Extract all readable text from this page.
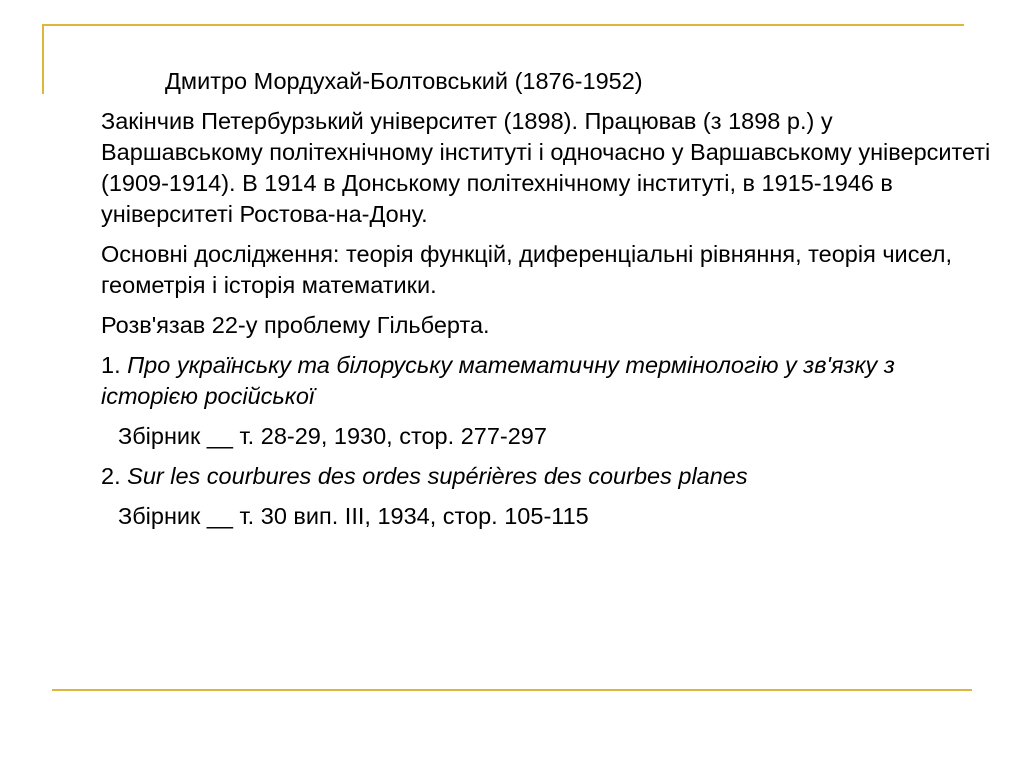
Дмитро Мордухай-Болтовський (1876-1952)

Закінчив Петербурзький університет (1898). Працював (з 1898 р.) у Варшавському політехнічному інституті і одночасно у Варшавському університеті (1909-1914). В 1914 в Донському політехнічному інституті, в 1915-1946 в університеті Ростова-на-Дону.

Основні дослідження: теорія функцій, диференціальні рівняння, теорія чисел, геометрія і історія математики.

Розв'язав 22-у проблему Гільберта.

1. Про українську та білоруську математичну термінологію у зв'язку з історією російської

Збірник __ т. 28-29, 1930, стор. 277-297

2. Sur les courbures des ordes supérières des courbes planes

Збірник __ т. 30 вип. III, 1934, стор. 105-115
